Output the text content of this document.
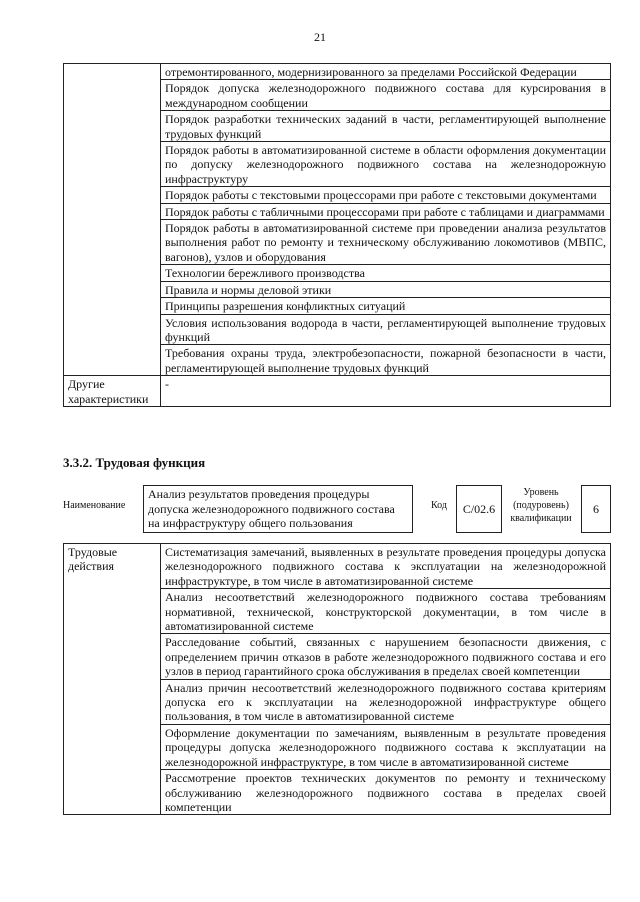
21
	отремонтированного, модернизированного за пределами Российской Федерации
	Порядок допуска железнодорожного подвижного состава для курсирования в международном сообщении
	Порядок разработки технических заданий в части, регламентирующей выполнение трудовых функций
	Порядок работы в автоматизированной системе в области оформления документации по допуску железнодорожного подвижного состава на железнодорожную инфраструктуру
	Порядок работы с текстовыми процессорами при работе с текстовыми документами
	Порядок работы с табличными процессорами при работе с таблицами и диаграммами
	Порядок работы в автоматизированной системе при проведении анализа результатов выполнения работ по ремонту и техническому обслуживанию локомотивов (МВПС, вагонов), узлов и оборудования
	Технологии бережливого производства
	Правила и нормы деловой этики
	Принципы разрешения конфликтных ситуаций
	Условия использования водорода в части, регламентирующей выполнение трудовых функций
	Требования охраны труда, электробезопасности, пожарной безопасности в части, регламентирующей выполнение трудовых функций
Другие характеристики	-
3.3.2. Трудовая функция
Наименование
Анализ результатов проведения процедуры допуска железнодорожного подвижного состава на инфраструктуру общего пользования
Код	C/02.6
Уровень (подуровень) квалификации
6
Трудовые действия	Систематизация замечаний, выявленных в результате проведения процедуры допуска железнодорожного подвижного состава к эксплуатации на железнодорожной инфраструктуре, в том числе в автоматизированной системе
Анализ несоответствий железнодорожного подвижного состава требованиям нормативной, технической, конструкторской документации, в том числе в автоматизированной системе
Расследование событий, связанных с нарушением безопасности движения, с определением причин отказов в работе железнодорожного подвижного состава и его узлов в период гарантийного срока обслуживания в пределах своей компетенции
Анализ причин несоответствий железнодорожного подвижного состава критериям допуска его к эксплуатации на железнодорожной инфраструктуре общего пользования, в том числе в автоматизированной системе
Оформление документации по замечаниям, выявленным в результате проведения процедуры допуска железнодорожного подвижного состава к эксплуатации на железнодорожной инфраструктуре, в том числе в автоматизированной системе
Рассмотрение проектов технических документов по ремонту и техническому обслуживанию железнодорожного подвижного состава в пределах своей компетенции
